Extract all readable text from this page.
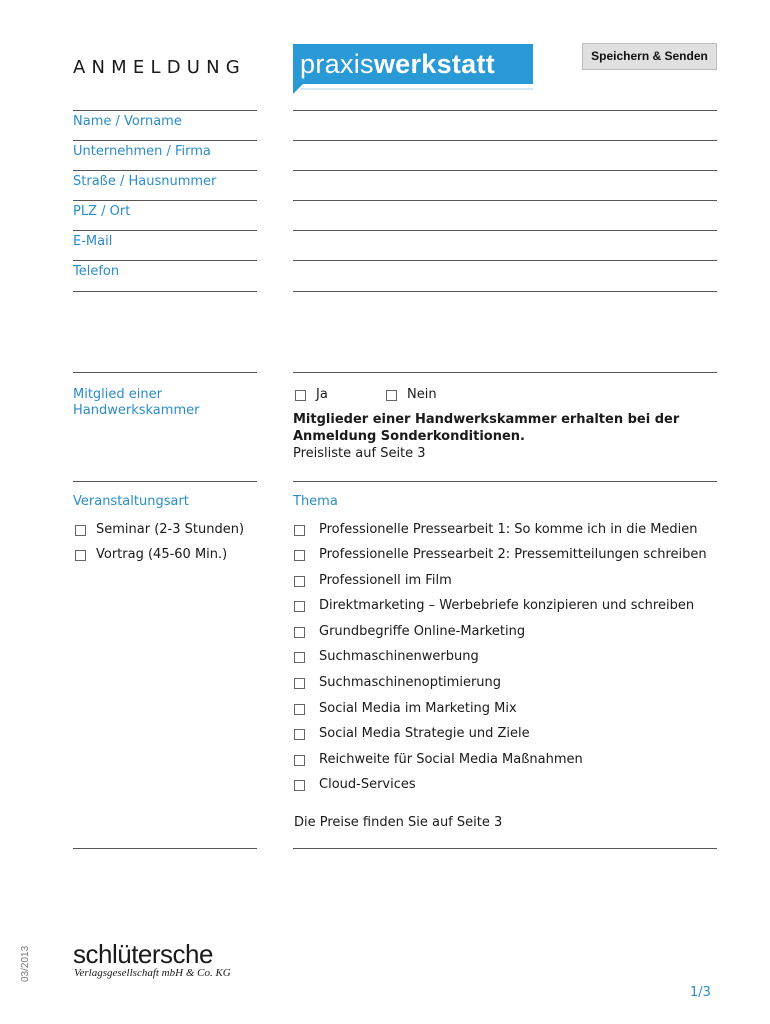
ANMELDUNG praxiswerkstatt	Speichern & Senden
Name / Vorname
Unternehmen / Firma
Straße / Hausnummer
PLZ / Ort
E-Mail
Telefon
Mitglied einer
Handwerkskammer
Ja	Nein
Mitglieder einer Handwerkskammer erhalten bei der
Anmeldung Sonderkonditionen.
Preisliste auf Seite 3
Veranstaltungsart	Thema
Seminar (2-3 Stunden)
Vortrag (45-60 Min.)
Professionelle Pressearbeit 1: So komme ich in die Medien
Professionelle Pressearbeit 2: Pressemitteilungen schreiben
Professionell im Film
Direktmarketing – Werbebriefe konzipieren und schreiben
Grundbegriffe Online-Marketing
Suchmaschinenwerbung
Suchmaschinenoptimierung
Social Media im Marketing Mix
Social Media Strategie und Ziele
Reichweite für Social Media Maßnahmen
Cloud-Services
Die Preise finden Sie auf Seite 3
03/2013 schlütersche
Verlagsgesellschaft mbH & Co. KG
1/3
